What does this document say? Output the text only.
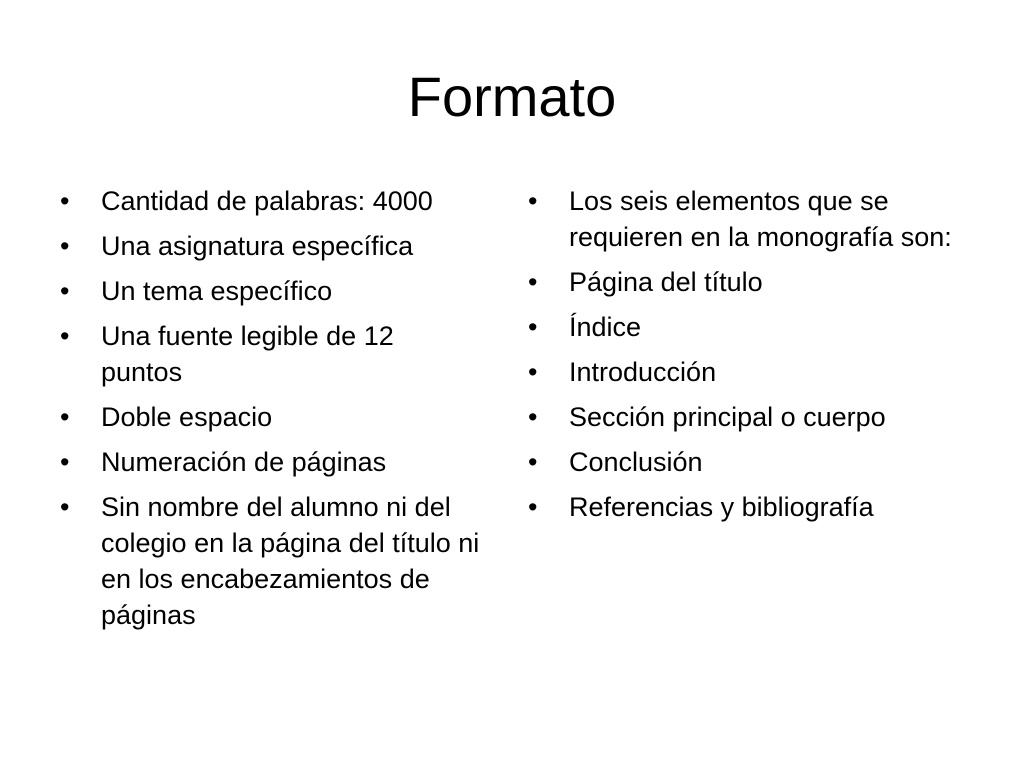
Formato
•	Cantidad de palabras: 4000
•	Una asignatura específica
•	Un tema específico
•	Una fuente legible de 12 puntos
•	Doble espacio
•	Numeración de páginas
•	Sin nombre del alumno ni del colegio en la página del título ni en los encabezamientos de páginas
•	Los seis elementos que se requieren en la monografía son:
•	Página del título
•	Índice
•	Introducción
•	Sección principal o cuerpo
•	Conclusión
•	Referencias y bibliografía
